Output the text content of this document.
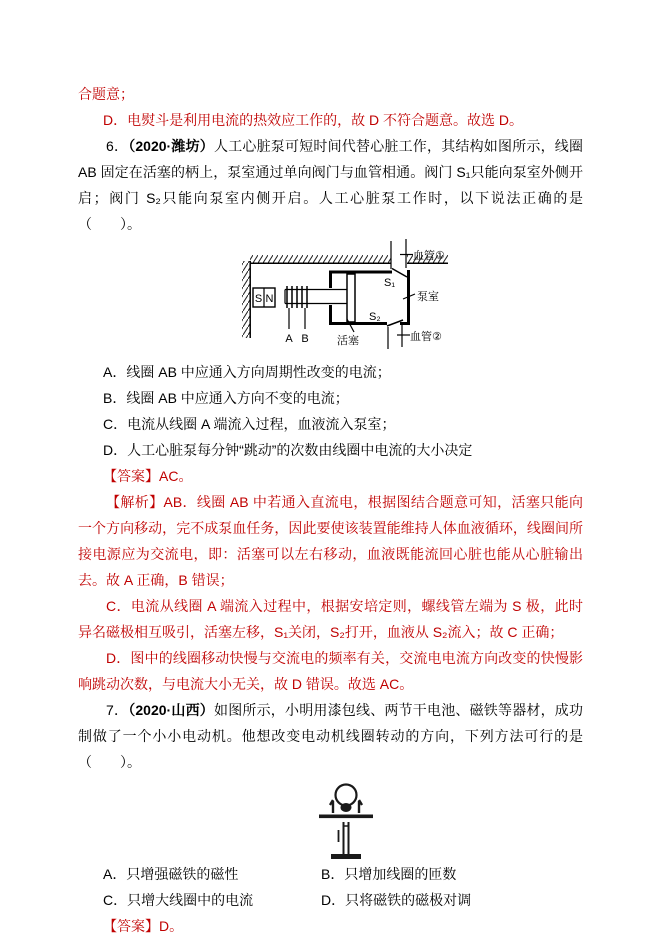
合题意；

D．电熨斗是利用电流的热效应工作的，故 D 不符合题意。故选 D。

6．（2020·潍坊）人工心脏泵可短时间代替心脏工作，其结构如图所示，线圈 AB 固定在活塞的柄上，泵室通过单向阀门与血管相通。阀门 S₁只能向泵室外侧开启；阀门 S₂只能向泵室内侧开启。人工心脏泵工作时，以下说法正确的是（　　）。

S N
A B
S₁
血管①
泵室
S₂
血管②
活塞

A．线圈 AB 中应通入方向周期性改变的电流；

B．线圈 AB 中应通入方向不变的电流；

C．电流从线圈 A 端流入过程，血液流入泵室；

D．人工心脏泵每分钟“跳动”的次数由线圈中电流的大小决定

【答案】AC。

【解析】AB．线圈 AB 中若通入直流电，根据图结合题意可知，活塞只能向一个方向移动，完不成泵血任务，因此要使该装置能维持人体血液循环，线圈间所接电源应为交流电，即：活塞可以左右移动，血液既能流回心脏也能从心脏输出去。故 A 正确，B 错误；

C．电流从线圈 A 端流入过程中，根据安培定则，螺线管左端为 S 极，此时异名磁极相互吸引，活塞左移，S₁关闭，S₂打开，血液从 S₂流入；故 C 正确；

D．图中的线圈移动快慢与交流电的频率有关，交流电电流方向改变的快慢影响跳动次数，与电流大小无关，故 D 错误。故选 AC。

7．（2020·山西）如图所示，小明用漆包线、两节干电池、磁铁等器材，成功制做了一个小小电动机。他想改变电动机线圈转动的方向，下列方法可行的是（　　）。

A．只增强磁铁的磁性	B．只增加线圈的匝数

C．只增大线圈中的电流	D．只将磁铁的磁极对调

【答案】D。
